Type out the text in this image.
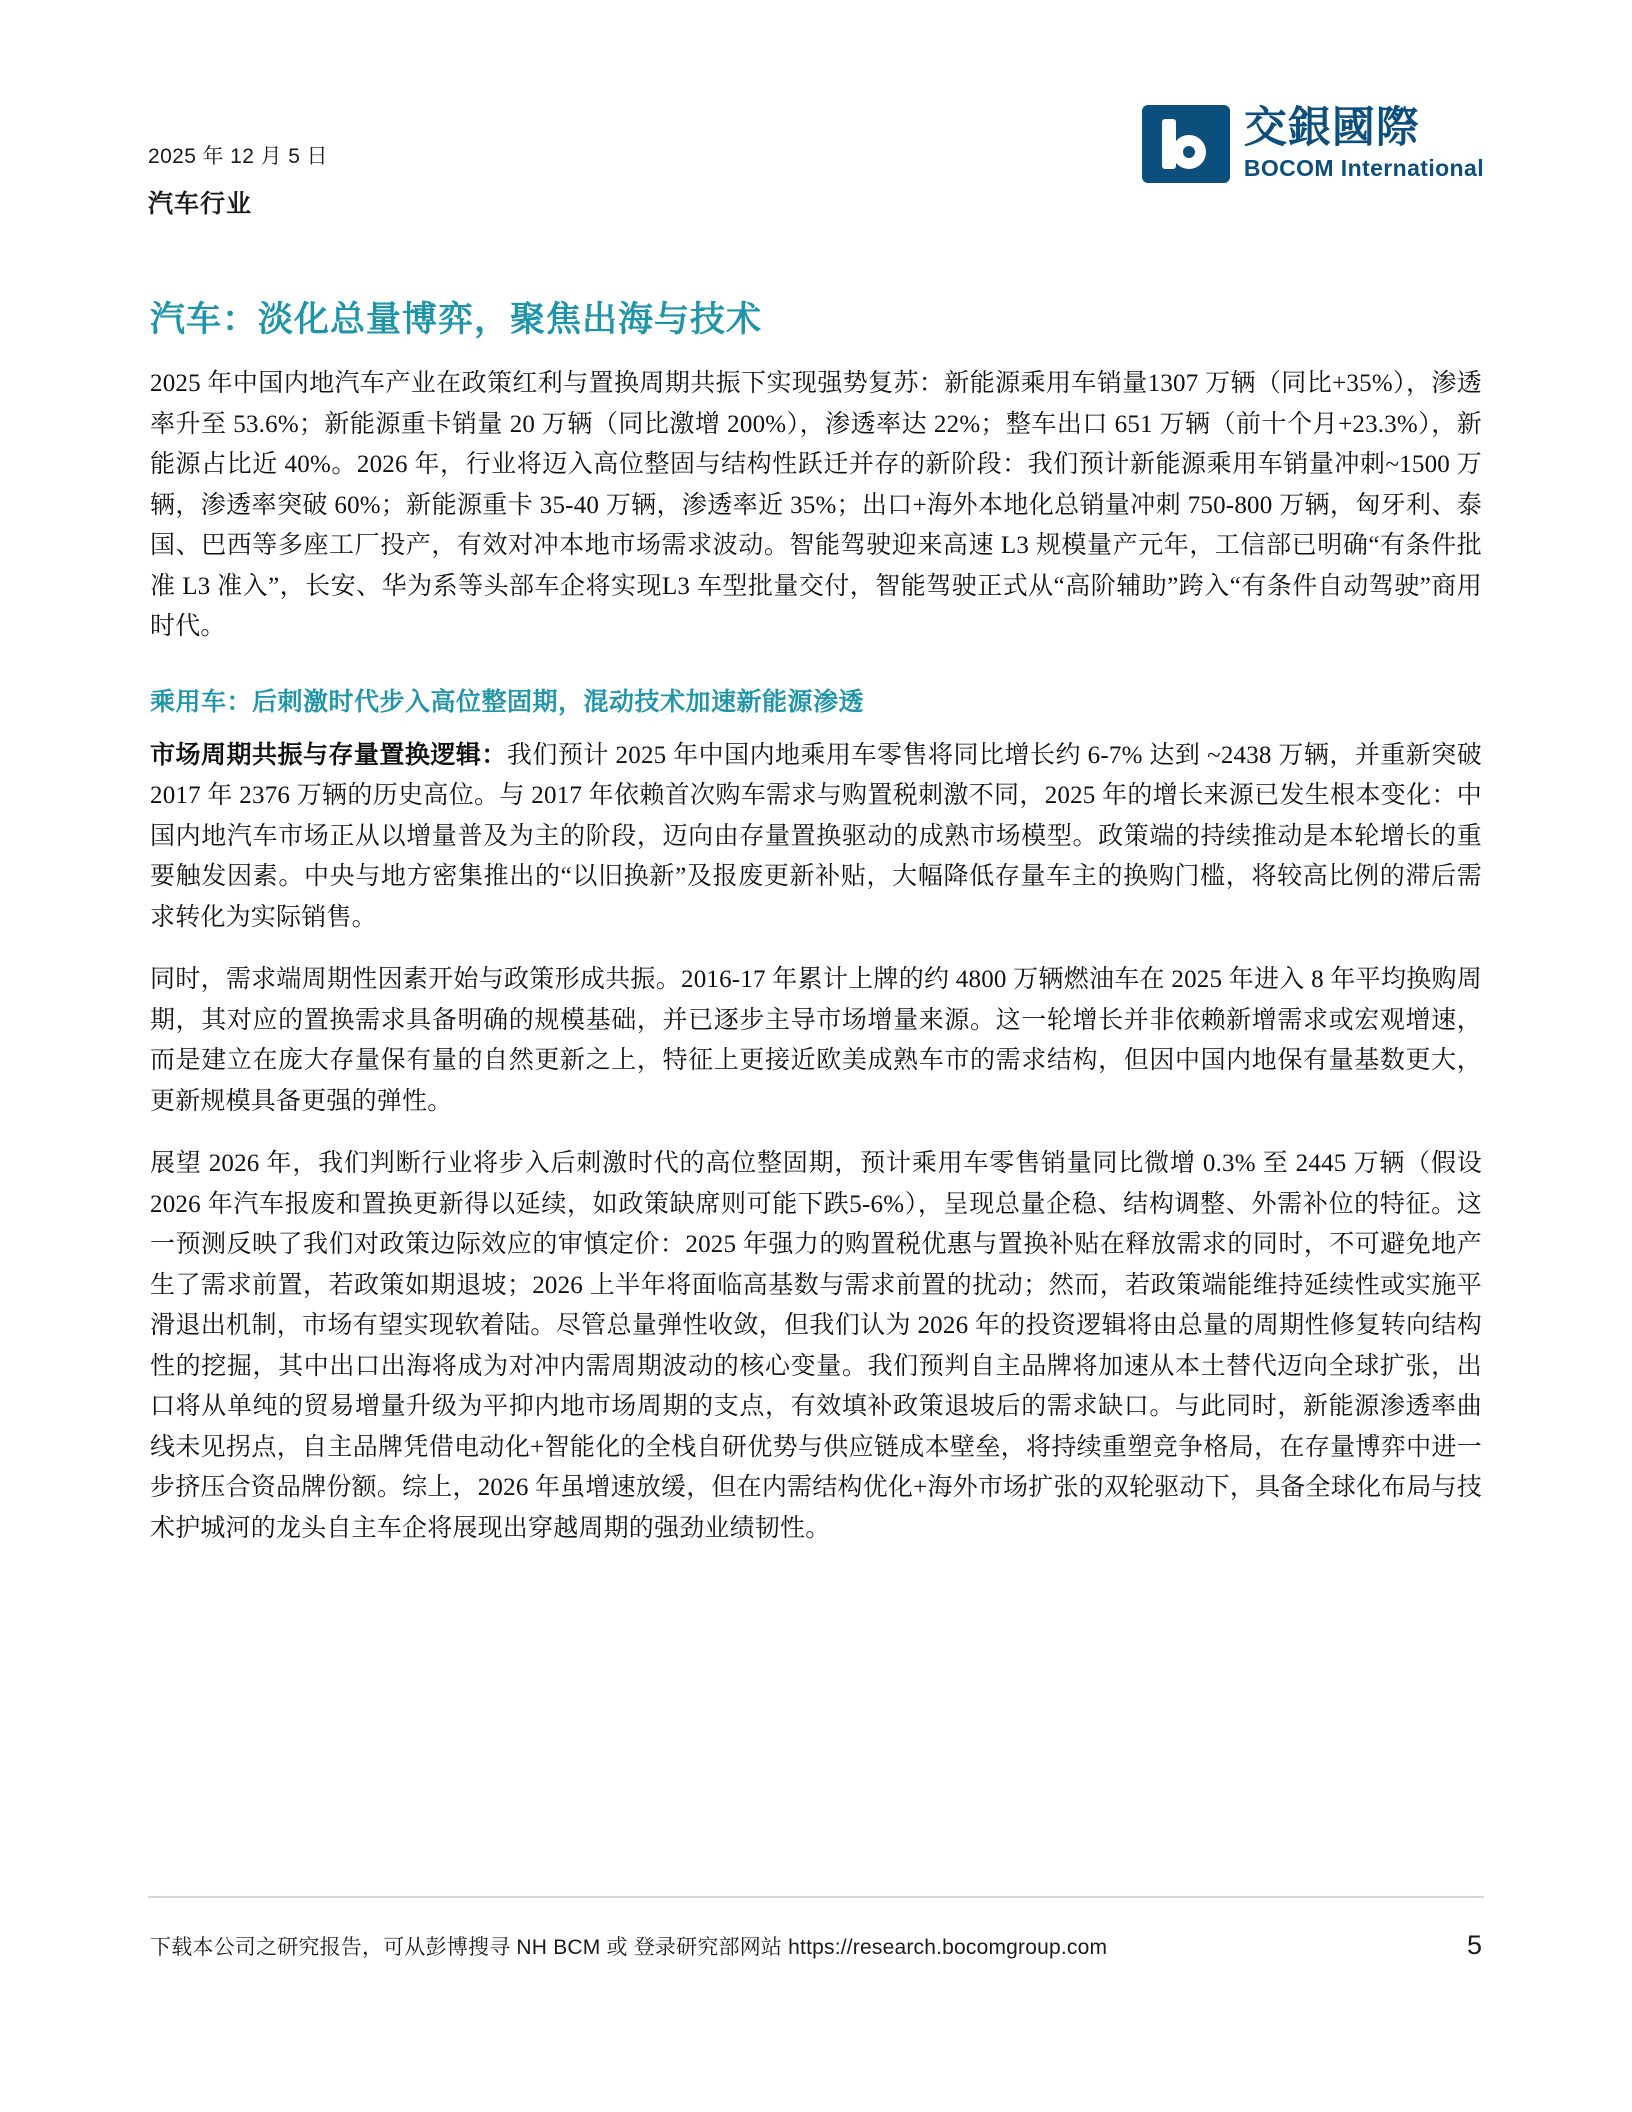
2025 年 12 月 5 日
汽车行业
交銀國際
BOCOM International
汽车：淡化总量博弈，聚焦出海与技术

2025 年中国内地汽车产业在政策红利与置换周期共振下实现强势复苏：新能源乘用车销量1307 万辆（同比+35%），渗透率升至 53.6%；新能源重卡销量 20 万辆（同比激增 200%），渗透率达 22%；整车出口 651 万辆（前十个月+23.3%），新能源占比近 40%。2026 年，行业将迈入高位整固与结构性跃迁并存的新阶段：我们预计新能源乘用车销量冲刺~1500 万辆，渗透率突破 60%；新能源重卡 35-40 万辆，渗透率近 35%；出口+海外本地化总销量冲刺 750-800 万辆，匈牙利、泰国、巴西等多座工厂投产，有效对冲本地市场需求波动。智能驾驶迎来高速 L3 规模量产元年，工信部已明确“有条件批准 L3 准入”，长安、华为系等头部车企将实现L3 车型批量交付，智能驾驶正式从“高阶辅助”跨入“有条件自动驾驶”商用时代。

乘用车：后刺激时代步入高位整固期，混动技术加速新能源渗透

市场周期共振与存量置换逻辑：我们预计 2025 年中国内地乘用车零售将同比增长约 6-7% 达到 ~2438 万辆，并重新突破 2017 年 2376 万辆的历史高位。与 2017 年依赖首次购车需求与购置税刺激不同，2025 年的增长来源已发生根本变化：中国内地汽车市场正从以增量普及为主的阶段，迈向由存量置换驱动的成熟市场模型。政策端的持续推动是本轮增长的重要触发因素。中央与地方密集推出的“以旧换新”及报废更新补贴，大幅降低存量车主的换购门槛，将较高比例的滞后需求转化为实际销售。

同时，需求端周期性因素开始与政策形成共振。2016-17 年累计上牌的约 4800 万辆燃油车在 2025 年进入 8 年平均换购周期，其对应的置换需求具备明确的规模基础，并已逐步主导市场增量来源。这一轮增长并非依赖新增需求或宏观增速，而是建立在庞大存量保有量的自然更新之上，特征上更接近欧美成熟车市的需求结构，但因中国内地保有量基数更大，更新规模具备更强的弹性。

展望 2026 年，我们判断行业将步入后刺激时代的高位整固期，预计乘用车零售销量同比微增 0.3% 至 2445 万辆（假设 2026 年汽车报废和置换更新得以延续，如政策缺席则可能下跌5-6%），呈现总量企稳、结构调整、外需补位的特征。这一预测反映了我们对政策边际效应的审慎定价：2025 年强力的购置税优惠与置换补贴在释放需求的同时，不可避免地产生了需求前置，若政策如期退坡；2026 上半年将面临高基数与需求前置的扰动；然而，若政策端能维持延续性或实施平滑退出机制，市场有望实现软着陆。尽管总量弹性收敛，但我们认为 2026 年的投资逻辑将由总量的周期性修复转向结构性的挖掘，其中出口出海将成为对冲内需周期波动的核心变量。我们预判自主品牌将加速从本土替代迈向全球扩张，出口将从单纯的贸易增量升级为平抑内地市场周期的支点，有效填补政策退坡后的需求缺口。与此同时，新能源渗透率曲线未见拐点，自主品牌凭借电动化+智能化的全栈自研优势与供应链成本壁垒，将持续重塑竞争格局，在存量博弈中进一步挤压合资品牌份额。综上，2026 年虽增速放缓，但在内需结构优化+海外市场扩张的双轮驱动下，具备全球化布局与技术护城河的龙头自主车企将展现出穿越周期的强劲业绩韧性。

下载本公司之研究报告，可从彭博搜寻 NH BCM 或 登录研究部网站 https://research.bocomgroup.com	5
